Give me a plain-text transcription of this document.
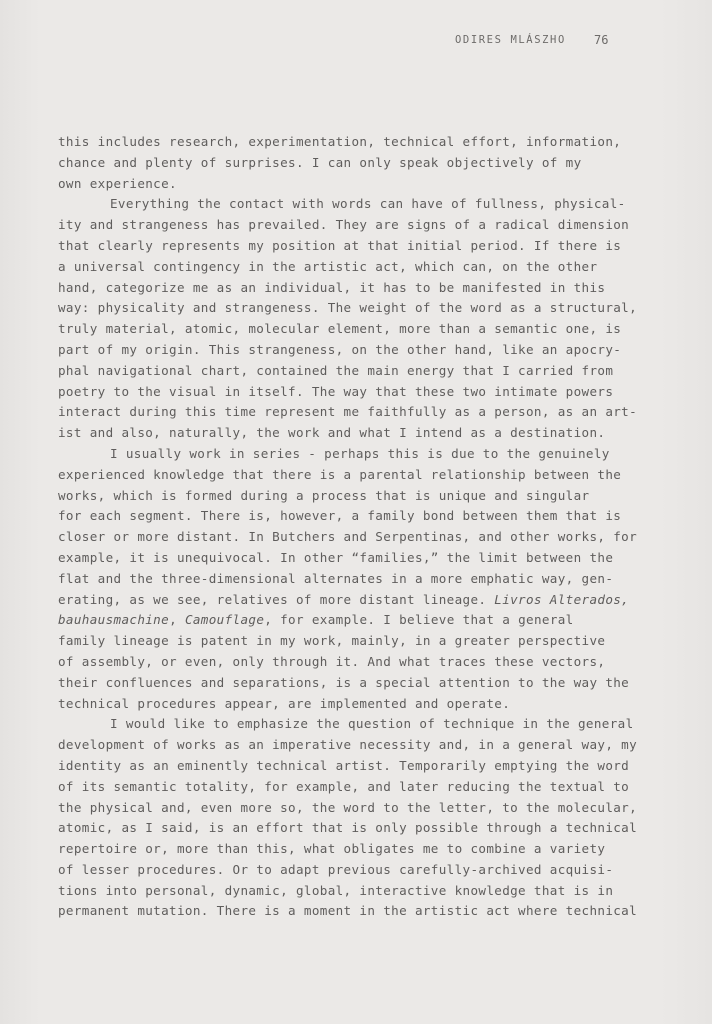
ODIRES MLÁSZHO 76
this includes research, experimentation, technical effort, information,
chance and plenty of surprises. I can only speak objectively of my
own experience.
Everything the contact with words can have of fullness, physical-
ity and strangeness has prevailed. They are signs of a radical dimension
that clearly represents my position at that initial period. If there is
a universal contingency in the artistic act, which can, on the other
hand, categorize me as an individual, it has to be manifested in this
way: physicality and strangeness. The weight of the word as a structural,
truly material, atomic, molecular element, more than a semantic one, is
part of my origin. This strangeness, on the other hand, like an apocry-
phal navigational chart, contained the main energy that I carried from
poetry to the visual in itself. The way that these two intimate powers
interact during this time represent me faithfully as a person, as an art-
ist and also, naturally, the work and what I intend as a destination.
I usually work in series - perhaps this is due to the genuinely
experienced knowledge that there is a parental relationship between the
works, which is formed during a process that is unique and singular
for each segment. There is, however, a family bond between them that is
closer or more distant. In Butchers and Serpentinas, and other works, for
example, it is unequivocal. In other “families,” the limit between the
flat and the three-dimensional alternates in a more emphatic way, gen-
erating, as we see, relatives of more distant lineage. Livros Alterados,
bauhausmachine, Camouflage, for example. I believe that a general
family lineage is patent in my work, mainly, in a greater perspective
of assembly, or even, only through it. And what traces these vectors,
their confluences and separations, is a special attention to the way the
technical procedures appear, are implemented and operate.
I would like to emphasize the question of technique in the general
development of works as an imperative necessity and, in a general way, my
identity as an eminently technical artist. Temporarily emptying the word
of its semantic totality, for example, and later reducing the textual to
the physical and, even more so, the word to the letter, to the molecular,
atomic, as I said, is an effort that is only possible through a technical
repertoire or, more than this, what obligates me to combine a variety
of lesser procedures. Or to adapt previous carefully-archived acquisi-
tions into personal, dynamic, global, interactive knowledge that is in
permanent mutation. There is a moment in the artistic act where technical
